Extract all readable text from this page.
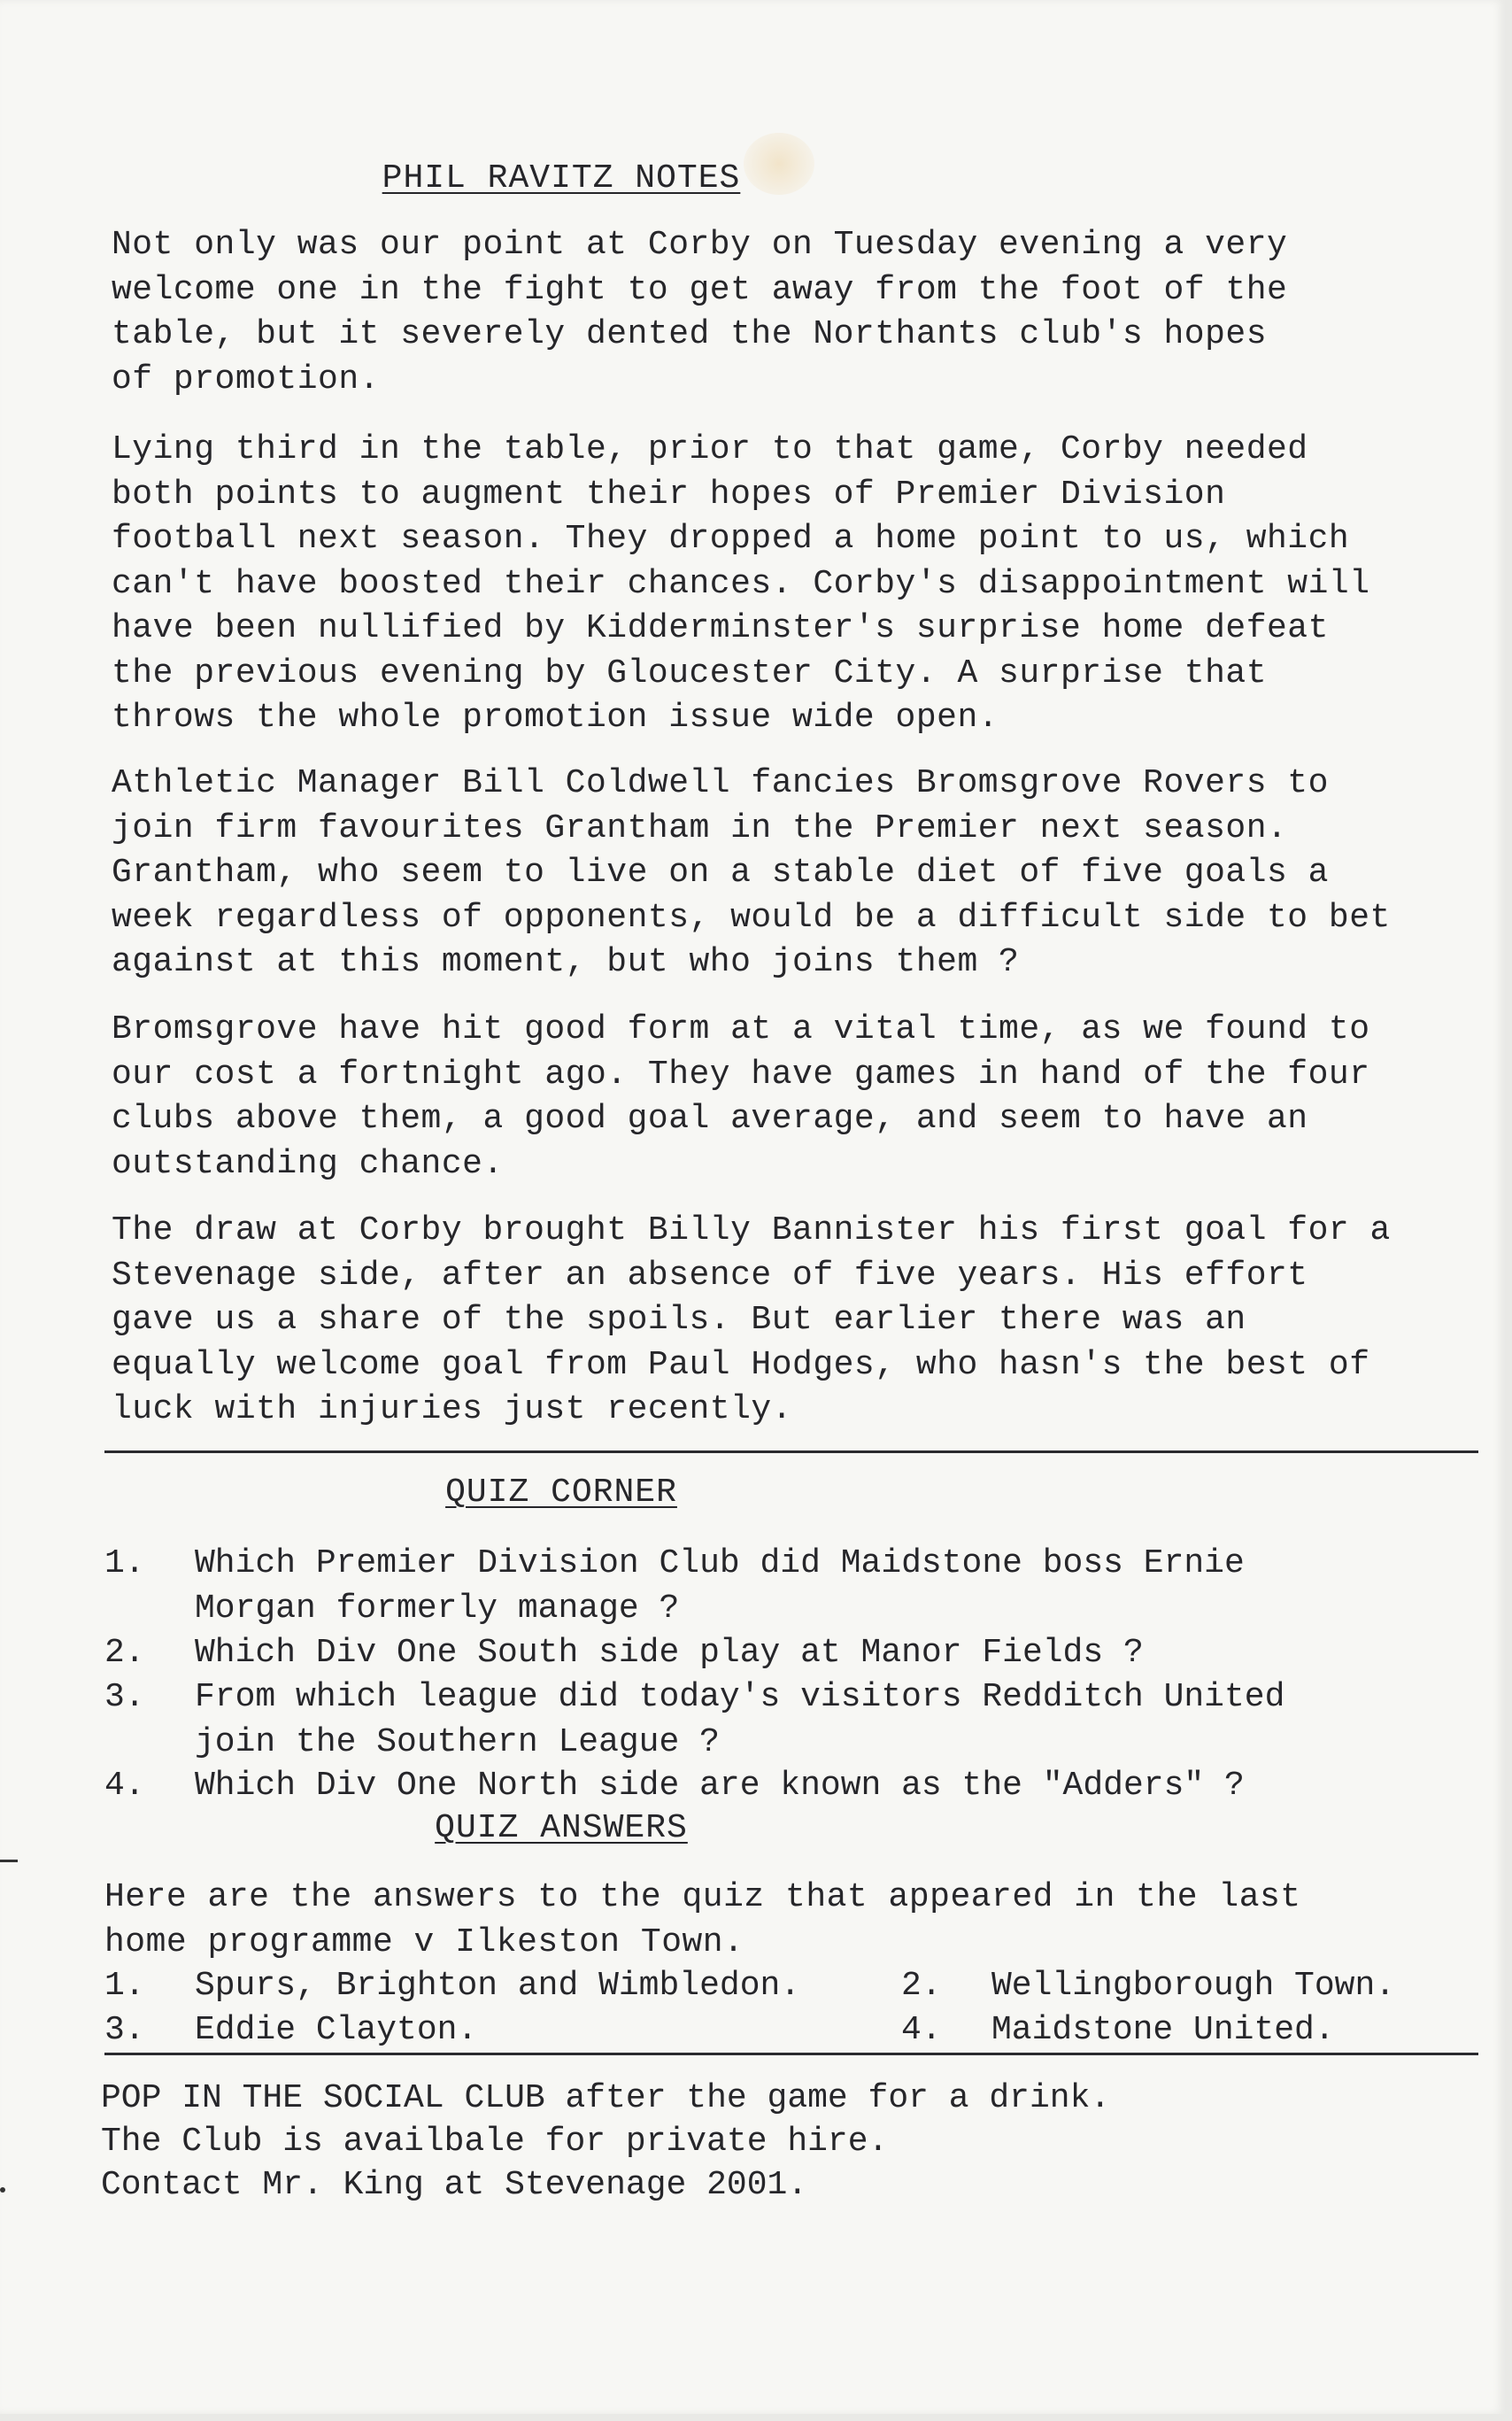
PHIL RAVITZ NOTES
Not only was our point at Corby on Tuesday evening a very
welcome one in the fight to get away from the foot of the
table, but it severely dented the Northants club's hopes
of promotion.
Lying third in the table, prior to that game, Corby needed
both points to augment their hopes of Premier Division
football next season. They dropped a home point to us, which
can't have boosted their chances. Corby's disappointment will
have been nullified by Kidderminster's surprise home defeat
the previous evening by Gloucester City. A surprise that
throws the whole promotion issue wide open.
Athletic Manager Bill Coldwell fancies Bromsgrove Rovers to
join firm favourites Grantham in the Premier next season.
Grantham, who seem to live on a stable diet of five goals a
week regardless of opponents, would be a difficult side to bet
against at this moment, but who joins them ?
Bromsgrove have hit good form at a vital time, as we found to
our cost a fortnight ago. They have games in hand of the four
clubs above them, a good goal average, and seem to have an
outstanding chance.
The draw at Corby brought Billy Bannister his first goal for a
Stevenage side, after an absence of five years. His effort
gave us a share of the spoils. But earlier there was an
equally welcome goal from Paul Hodges, who hasn's the best of
luck with injuries just recently.
QUIZ CORNER
1.	Which Premier Division Club did Maidstone boss Ernie
Morgan formerly manage ?
2.	Which Div One South side play at Manor Fields ?
3.	From which league did today's visitors Redditch United
join the Southern League ?
4.	Which Div One North side are known as the "Adders" ?
QUIZ ANSWERS
Here are the answers to the quiz that appeared in the last
home programme v Ilkeston Town.
1.	Spurs, Brighton and Wimbledon.	2.	Wellingborough Town.
3.	Eddie Clayton.	4.	Maidstone United.
POP IN THE SOCIAL CLUB after the game for a drink.
The Club is availbale for private hire.
Contact Mr. King at Stevenage 2001.
